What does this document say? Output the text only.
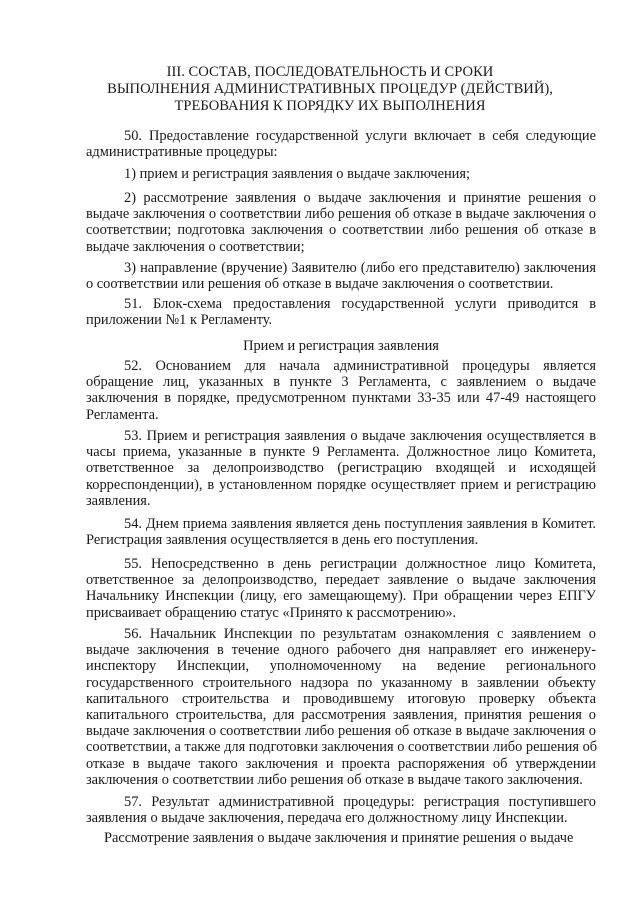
III. СОСТАВ, ПОСЛЕДОВАТЕЛЬНОСТЬ И СРОКИ
ВЫПОЛНЕНИЯ АДМИНИСТРАТИВНЫХ ПРОЦЕДУР (ДЕЙСТВИЙ),
ТРЕБОВАНИЯ К ПОРЯДКУ ИХ ВЫПОЛНЕНИЯ
50. Предоставление государственной услуги включает в себя следующие
административные процедуры:
1) прием и регистрация заявления о выдаче заключения;
2) рассмотрение заявления о выдаче заключения и принятие решения о
выдаче заключения о соответствии либо решения об отказе в выдаче заключения о
соответствии; подготовка заключения о соответствии либо решения об отказе в
выдаче заключения о соответствии;
3) направление (вручение) Заявителю (либо его представителю) заключения
о соответствии или решения об отказе в выдаче заключения о соответствии.
51. Блок-схема предоставления государственной услуги приводится в
приложении №1 к Регламенту.
Прием и регистрация заявления
52. Основанием для начала административной процедуры является
обращение лиц, указанных в пункте 3 Регламента, с заявлением о выдаче
заключения в порядке, предусмотренном пунктами 33-35 или 47-49 настоящего
Регламента.
53. Прием и регистрация заявления о выдаче заключения осуществляется в
часы приема, указанные в пункте 9 Регламента. Должностное лицо Комитета,
ответственное за делопроизводство (регистрацию входящей и исходящей
корреспонденции), в установленном порядке осуществляет прием и регистрацию
заявления.
54. Днем приема заявления является день поступления заявления в Комитет.
Регистрация заявления осуществляется в день его поступления.
55. Непосредственно в день регистрации должностное лицо Комитета,
ответственное за делопроизводство, передает заявление о выдаче заключения
Начальнику Инспекции (лицу, его замещающему). При обращении через ЕПГУ
присваивает обращению статус «Принято к рассмотрению».
56. Начальник Инспекции по результатам ознакомления с заявлением о
выдаче заключения в течение одного рабочего дня направляет его инженеру-
инспектору Инспекции, уполномоченному на ведение регионального
государственного строительного надзора по указанному в заявлении объекту
капитального строительства и проводившему итоговую проверку объекта
капитального строительства, для рассмотрения заявления, принятия решения о
выдаче заключения о соответствии либо решения об отказе в выдаче заключения о
соответствии, а также для подготовки заключения о соответствии либо решения об
отказе в выдаче такого заключения и проекта распоряжения об утверждении
заключения о соответствии либо решения об отказе в выдаче такого заключения.
57. Результат административной процедуры: регистрация поступившего
заявления о выдаче заключения, передача его должностному лицу Инспекции.
Рассмотрение заявления о выдаче заключения и принятие решения о выдаче
